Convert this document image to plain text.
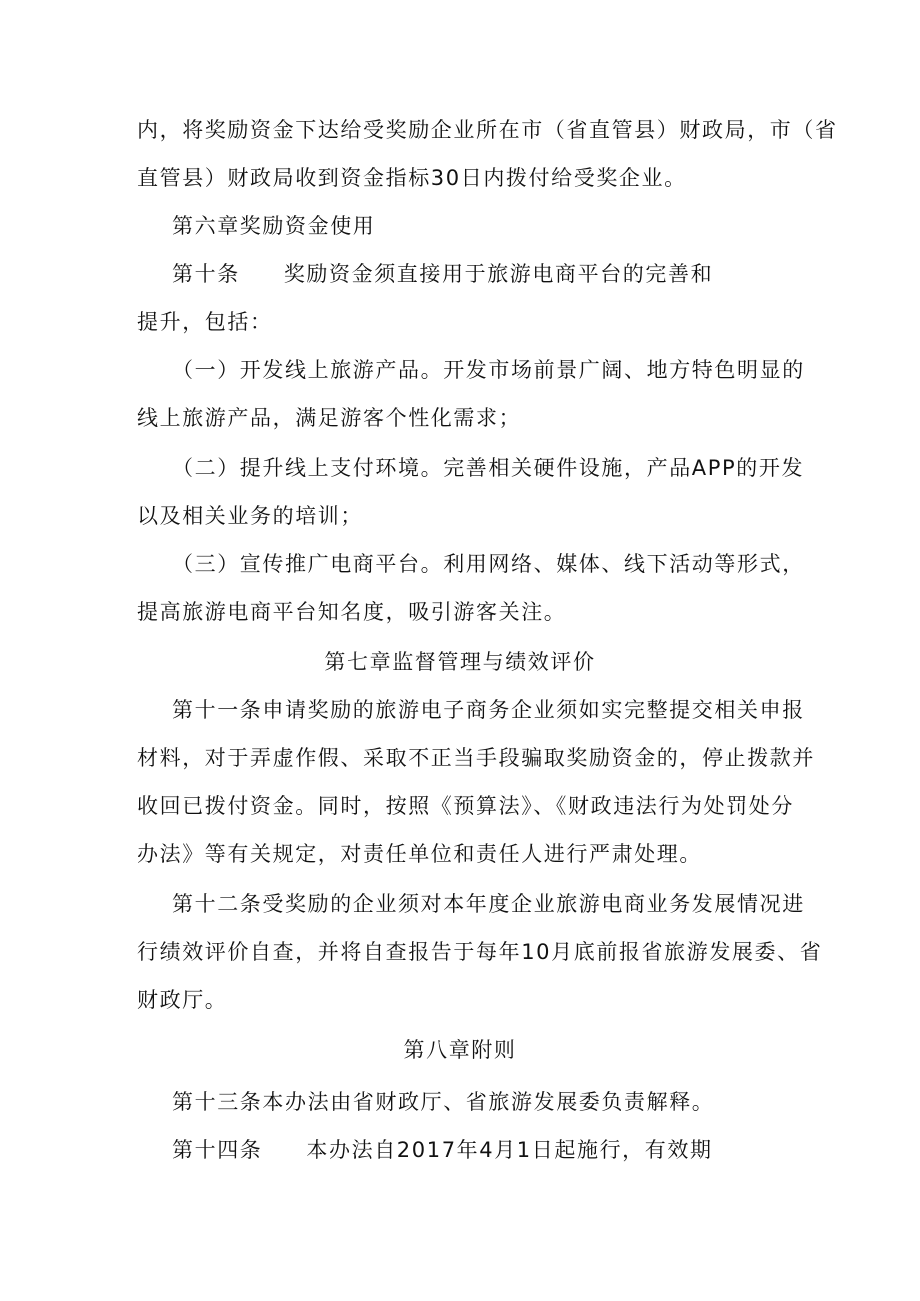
内，将奖励资金下达给受奖励企业所在市（省直管县）财政局，市（省
直管县）财政局收到资金指标30日内拨付给受奖企业。
第六章奖励资金使用
第十条 奖励资金须直接用于旅游电商平台的完善和
提升，包括：
（一）开发线上旅游产品。开发市场前景广阔、地方特色明显的
线上旅游产品，满足游客个性化需求；
（二）提升线上支付环境。完善相关硬件设施，产品APP的开发
以及相关业务的培训；
（三）宣传推广电商平台。利用网络、媒体、线下活动等形式，
提高旅游电商平台知名度，吸引游客关注。
第七章监督管理与绩效评价
第十一条申请奖励的旅游电子商务企业须如实完整提交相关申报
材料，对于弄虚作假、采取不正当手段骗取奖励资金的，停止拨款并
收回已拨付资金。同时，按照《预算法》、《财政违法行为处罚处分
办法》等有关规定，对责任单位和责任人进行严肃处理。
第十二条受奖励的企业须对本年度企业旅游电商业务发展情况进
行绩效评价自查，并将自查报告于每年10月底前报省旅游发展委、省
财政厅。
第八章附则
第十三条本办法由省财政厅、省旅游发展委负责解释。
第十四条 本办法自2017年4月1日起施行，有效期
